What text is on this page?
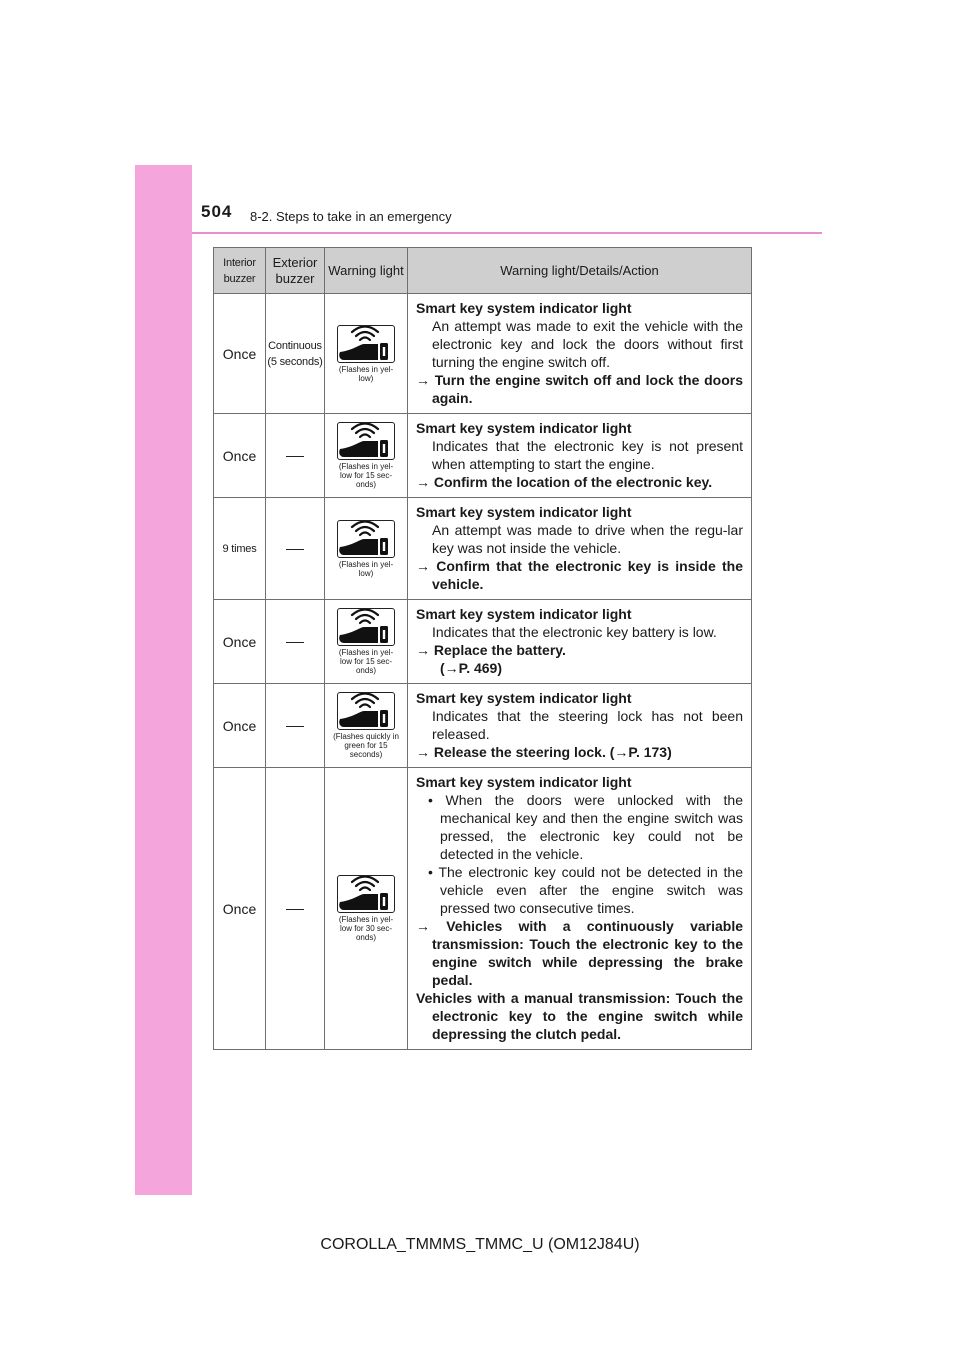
504 8-2. Steps to take in an emergency
Interior buzzer	Exterior buzzer	Warning light	Warning light/Details/Action
Once	Continuous (5 seconds)	(Flashes in yel-low)	Smart key system indicator light
An attempt was made to exit the vehicle with the electronic key and lock the doors without first turning the engine switch off.
→ Turn the engine switch off and lock the doors again.

Once		(Flashes in yel-low for 15 sec-onds)	Smart key system indicator light
Indicates that the electronic key is not present when attempting to start the engine.
→ Confirm the location of the electronic key.

9 times		(Flashes in yel-low)	Smart key system indicator light
An attempt was made to drive when the regu-lar key was not inside the vehicle.
→ Confirm that the electronic key is inside the vehicle.

Once		(Flashes in yel-low for 15 sec-onds)	Smart key system indicator light
Indicates that the electronic key battery is low.
→ Replace the battery.
(→P. 469)

Once		(Flashes quickly in green for 15 seconds)	Smart key system indicator light
Indicates that the steering lock has not been released.
→ Release the steering lock. (→P. 173)

Once		(Flashes in yel-low for 30 sec-onds)	Smart key system indicator light
• When the doors were unlocked with the mechanical key and then the engine switch was pressed, the electronic key could not be detected in the vehicle.
• The electronic key could not be detected in the vehicle even after the engine switch was pressed two consecutive times.
→ Vehicles with a continuously variable transmission: Touch the electronic key to the engine switch while depressing the brake pedal.
Vehicles with a manual transmission: Touch the electronic key to the engine switch while depressing the clutch pedal.
COROLLA_TMMMS_TMMC_U (OM12J84U)
